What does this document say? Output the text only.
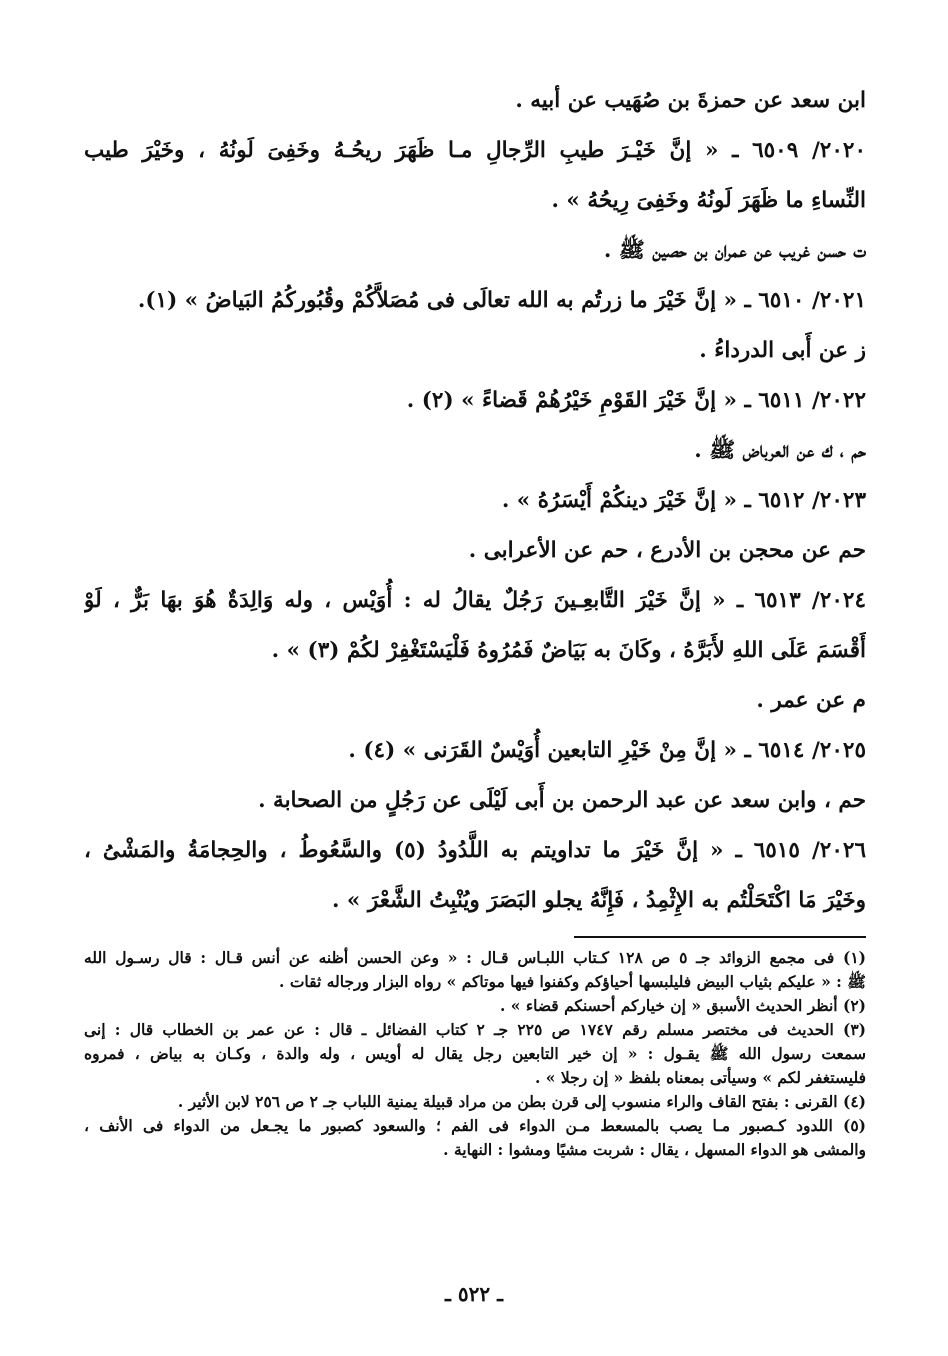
ابن سعد عن حمزةَ بن صُهَيب عن أبيه .
٢٠٢٠/ ٦٥٠٩ ـ « إنَّ خَيْـرَ طيبِ الرِّجالِ مـا ظَهَرَ ريحُـهُ وخَفِىَ لَونُهُ ، وخَيْرَ طيب
النِّساءِ ما ظَهَرَ لَونُهُ وخَفِىَ رِيحُهُ » .
ت حسن غريب عن عمران بن حصين ﷺ .
٢٠٢١/ ٦٥١٠ ـ « إنَّ خَيْرَ ما زرتُم به الله تعالَى فى مُصَلاَّكُمْ وقُبُوركُمُ البَياضُ » (١).
ز عن أَبى الدرداءُ .
٢٠٢٢/ ٦٥١١ ـ « إنَّ خَيْرَ القَوْمِ خَيْرُهُمْ قَضاءً » (٢) .
حم ، ك عن العرباض ﷺ .
٢٠٢٣/ ٦٥١٢ ـ « إنَّ خَيْرَ دينكُمْ أَيْسَرُهُ » .
حم عن محجن بن الأدرع ، حم عن الأعرابى .
٢٠٢٤/ ٦٥١٣ ـ « إنَّ خَيْرَ التَّابعِـينَ رَجُلٌ يقالُ له : أُوَيْس ، وله وَالِدَةٌ هُوَ بهَا بَرٌّ ، لَوْ
أَقْسَمَ عَلَى اللهِ لأَبَرَّهُ ، وكَانَ به بَيَاضٌ فَمُرُوهُ فَلْيَسْتَغْفِرْ لكُمْ (٣) » .
م عن عمر .
٢٠٢٥/ ٦٥١٤ ـ « إنَّ مِنْ خَيْرِ التابعين أُوَيْسٌ القَرَنى » (٤) .
حم ، وابن سعد عن عبد الرحمن بن أَبى لَيْلَى عن رَجُلٍ من الصحابة .
٢٠٢٦/ ٦٥١٥ ـ « إنَّ خَيْرَ ما تداويتم به اللَّدُودُ (٥) والسَّعُوطُ ، والحِجامَةُ والمَشْىُ ،
وخَيْرَ مَا اكْتَحَلْتُم به الإِثْمِدُ ، فَإِنَّهُ يجلو البَصَرَ ويُنْبِتُ الشَّعْرَ » .
(١) فى مجمع الزوائد جـ ٥ ص ١٢٨ كـتاب اللبـاس قـال : « وعن الحسن أظنه عن أنس قـال : قال رسـول الله
ﷺ : « عليكم بثياب البيض فليلبسها أحياؤكم وكفنوا فيها موتاكم » رواه البزار ورجاله ثقات .
(٢) أنظر الحديث الأسبق « إن خياركم أحسنكم قضاء » .
(٣) الحديث فى مختصر مسلم رقم ١٧٤٧ ص ٢٢٥ جـ ٢ كتاب الفضائل ـ قال : عن عمر بن الخطاب قال : إنى
سمعت رسول الله ﷺ يقـول : « إن خير التابعين رجل يقال له أويس ، وله والدة ، وكـان به بياض ، فمروه
فليستغفر لكم » وسيأتى بمعناه بلفظ « إن رجلا » .
(٤) القرنى : بفتح القاف والراء منسوب إلى قرن بطن من مراد قبيلة يمنية اللباب جـ ٢ ص ٢٥٦ لابن الأثير .
(٥) اللدود كـصبور مـا يصب بالمسعط مـن الدواء فى الفم ؛ والسعود كصبور ما يجـعل من الدواء فى الأنف ،
والمشى هو الدواء المسهل ، يقال : شربت مشيًا ومشوا : النهاية .
ـ ٥٢٢ ـ
